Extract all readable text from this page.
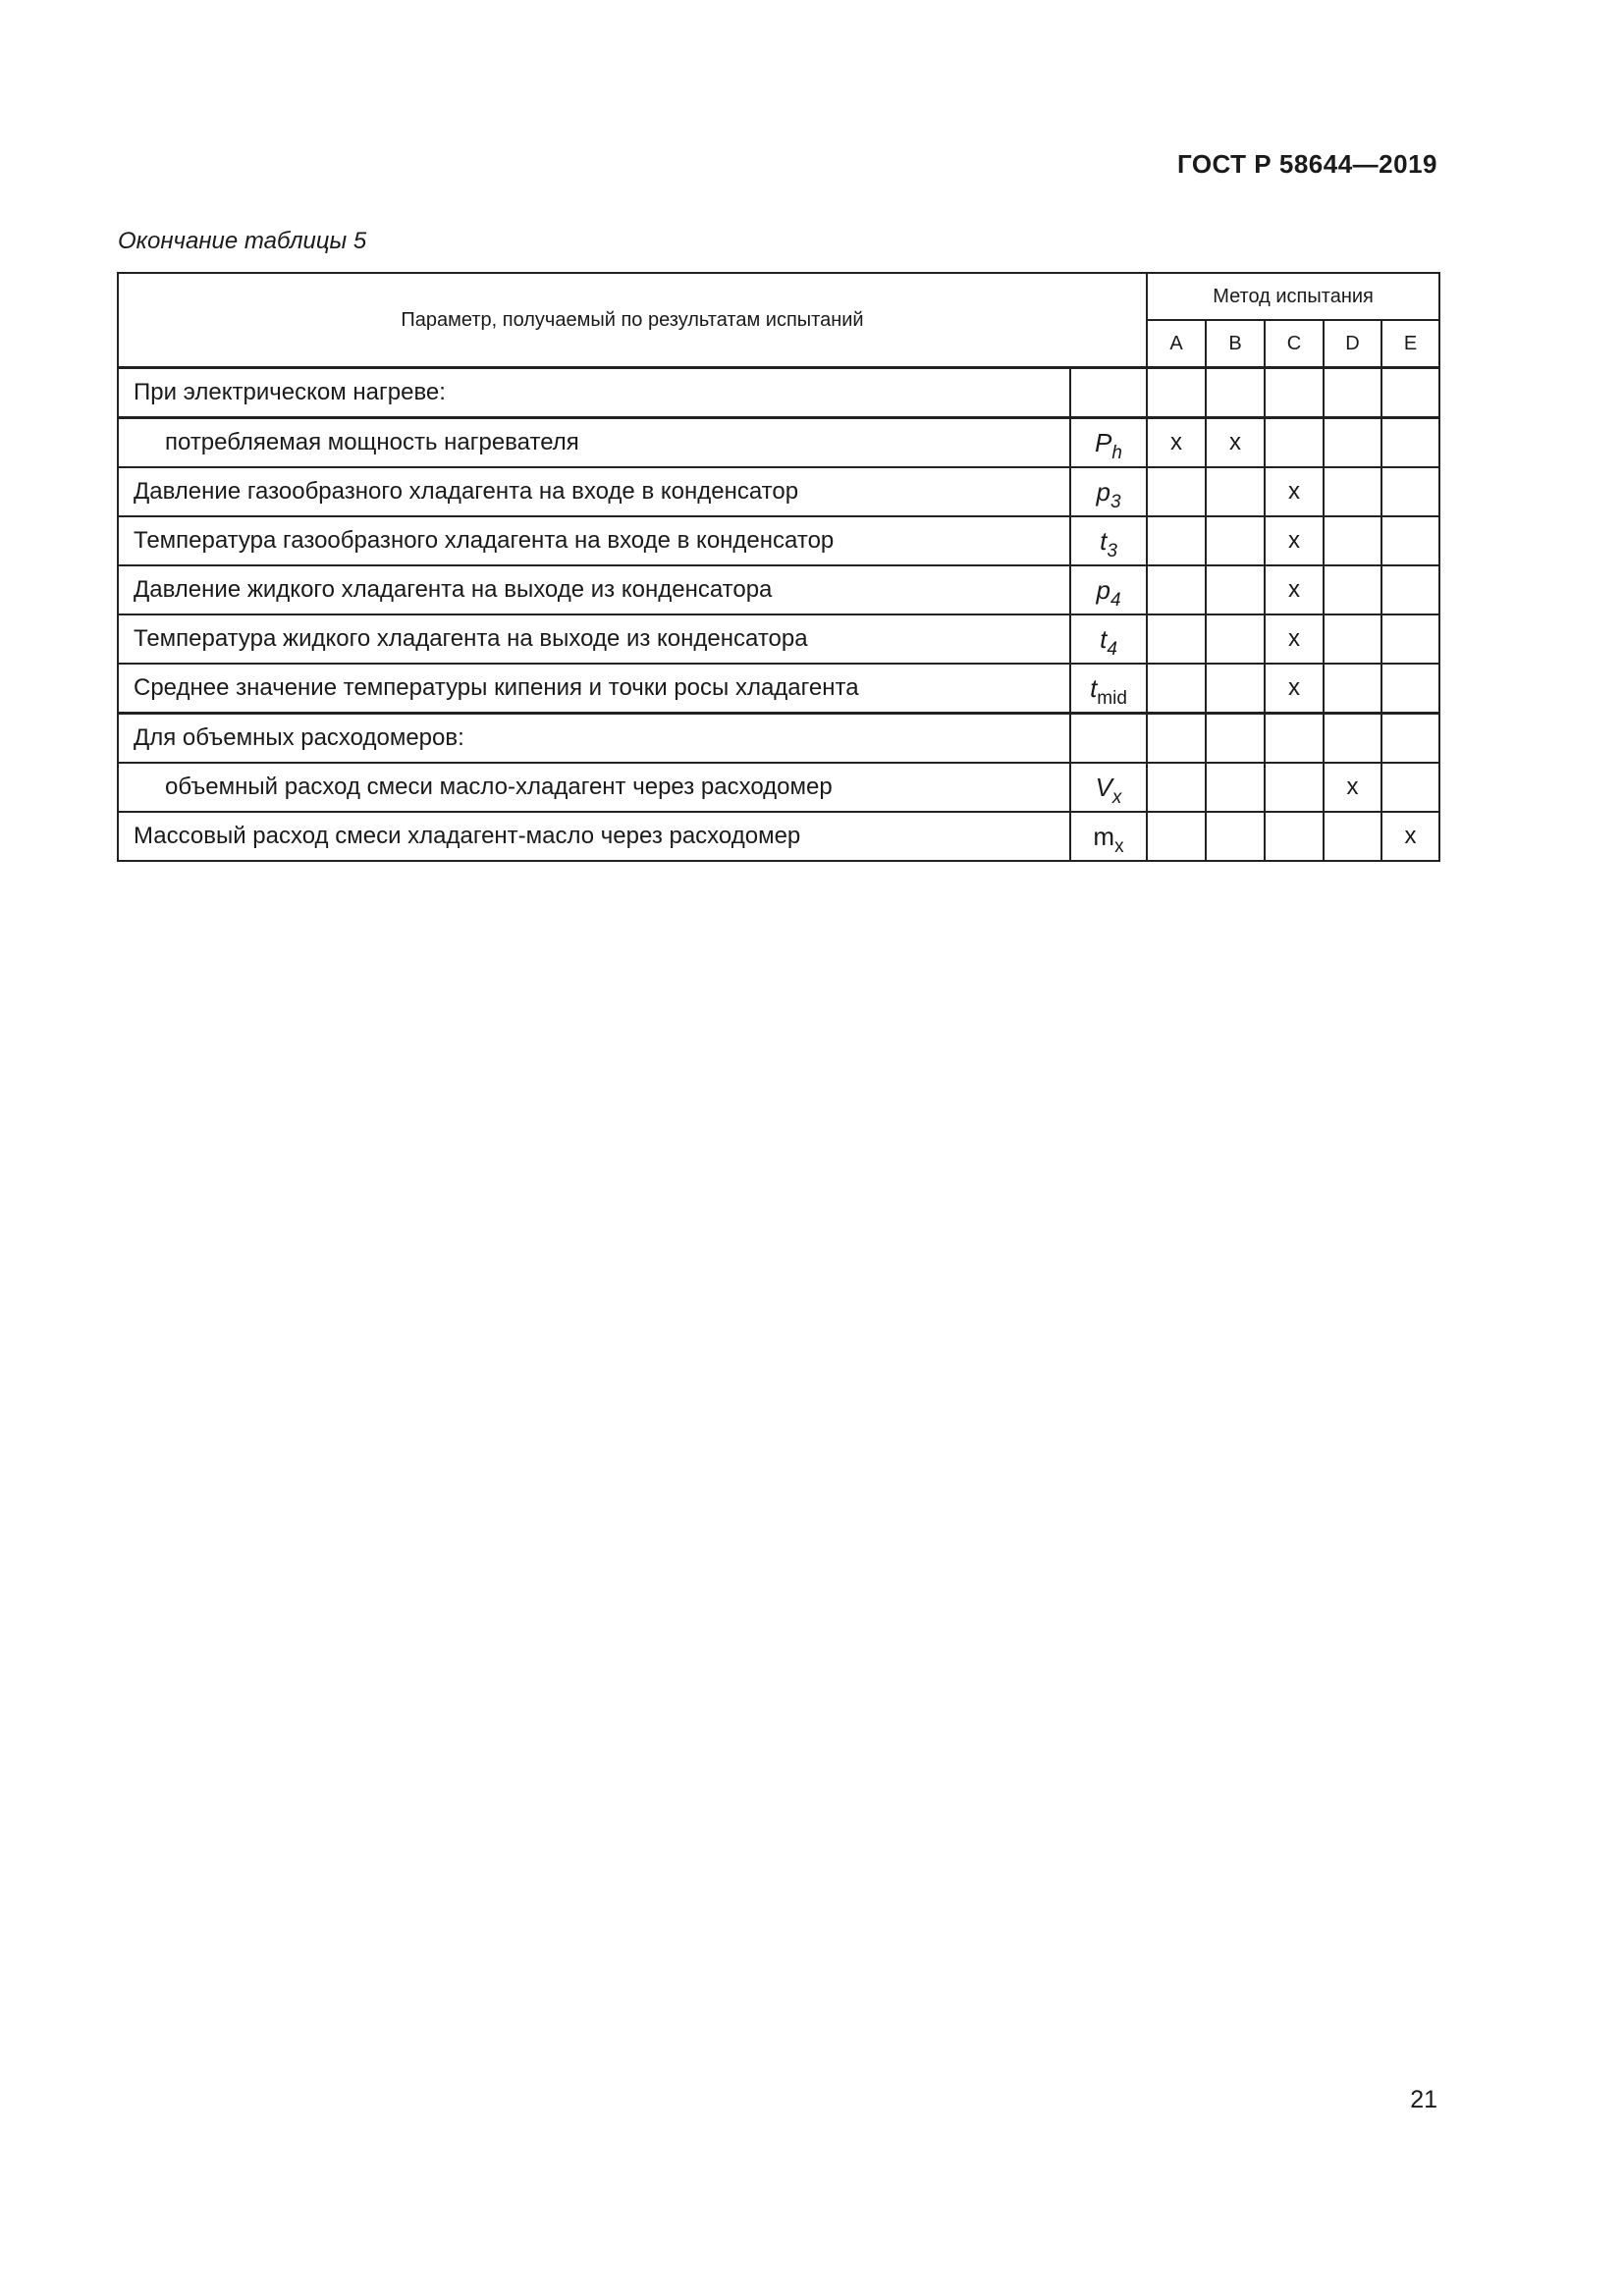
ГОСТ Р 58644—2019
Окончание таблицы 5
Параметр, получаемый по результатам испытаний		Метод испытания				
		A	B	C	D	E
При электрическом нагреве:						
потребляемая мощность нагревателя	$P_h$	x	x			
Давление газообразного хладагента на входе в конденсатор	$p_3$			x		
Температура газообразного хладагента на входе в конденсатор	$t_3$			x		
Давление жидкого хладагента на выходе из конденсатора	$p_4$			x		
Температура жидкого хладагента на выходе из конденсатора	$t_4$			x		
Среднее значение температуры кипения и точки росы хладагента	$t_{mid}$			x		
Для объемных расходомеров:						
объемный расход смеси масло-хладагент через расходомер	$V_x$				x	
Массовый расход смеси хладагент-масло через расходомер	$m_x$					x
21
